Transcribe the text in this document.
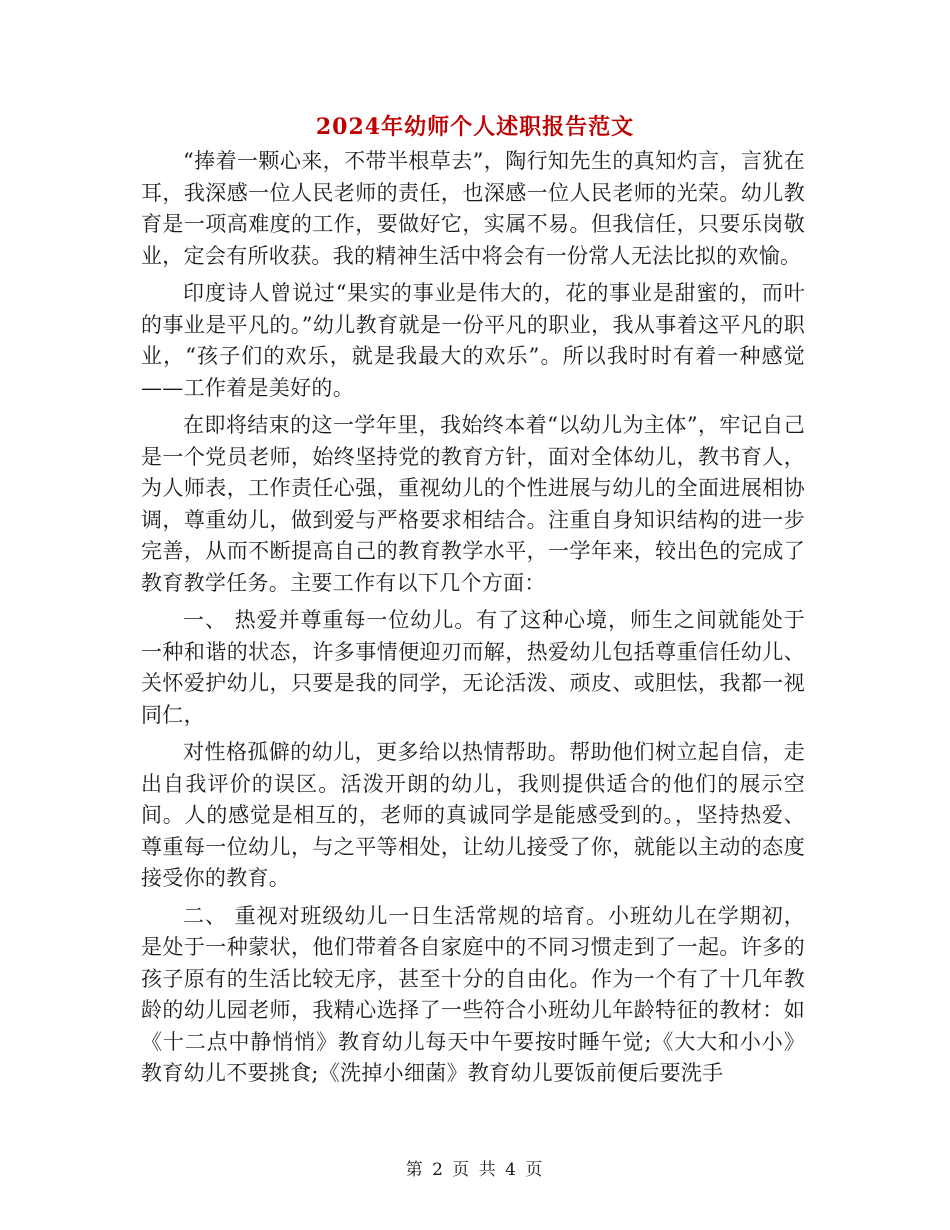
2024年幼师个人述职报告范文

“捧着一颗心来，不带半根草去”，陶行知先生的真知灼言，言犹在耳，我深感一位人民老师的责任，也深感一位人民老师的光荣。幼儿教育是一项高难度的工作，要做好它，实属不易。但我信任，只要乐岗敬业，定会有所收获。我的精神生活中将会有一份常人无法比拟的欢愉。

印度诗人曾说过“果实的事业是伟大的，花的事业是甜蜜的，而叶的事业是平凡的。”幼儿教育就是一份平凡的职业，我从事着这平凡的职业，“孩子们的欢乐，就是我最大的欢乐”。所以我时时有着一种感觉——工作着是美好的。

在即将结束的这一学年里，我始终本着“以幼儿为主体”，牢记自己是一个党员老师，始终坚持党的教育方针，面对全体幼儿，教书育人，为人师表，工作责任心强，重视幼儿的个性进展与幼儿的全面进展相协调，尊重幼儿，做到爱与严格要求相结合。注重自身知识结构的进一步完善，从而不断提高自己的教育教学水平，一学年来，较出色的完成了教育教学任务。主要工作有以下几个方面：

一、 热爱并尊重每一位幼儿。有了这种心境，师生之间就能处于一种和谐的状态，许多事情便迎刃而解，热爱幼儿包括尊重信任幼儿、关怀爱护幼儿，只要是我的同学，无论活泼、顽皮、或胆怯，我都一视同仁，

对性格孤僻的幼儿，更多给以热情帮助。帮助他们树立起自信，走出自我评价的误区。活泼开朗的幼儿，我则提供适合的他们的展示空间。人的感觉是相互的，老师的真诚同学是能感受到的。，坚持热爱、尊重每一位幼儿，与之平等相处，让幼儿接受了你，就能以主动的态度接受你的教育。

二、 重视对班级幼儿一日生活常规的培育。小班幼儿在学期初，是处于一种蒙状，他们带着各自家庭中的不同习惯走到了一起。许多的孩子原有的生活比较无序，甚至十分的自由化。作为一个有了十几年教龄的幼儿园老师，我精心选择了一些符合小班幼儿年龄特征的教材：如《十二点中静悄悄》教育幼儿每天中午要按时睡午觉;《大大和小小》教育幼儿不要挑食;《洗掉小细菌》教育幼儿要饭前便后要洗手

第 2 页 共 4 页
